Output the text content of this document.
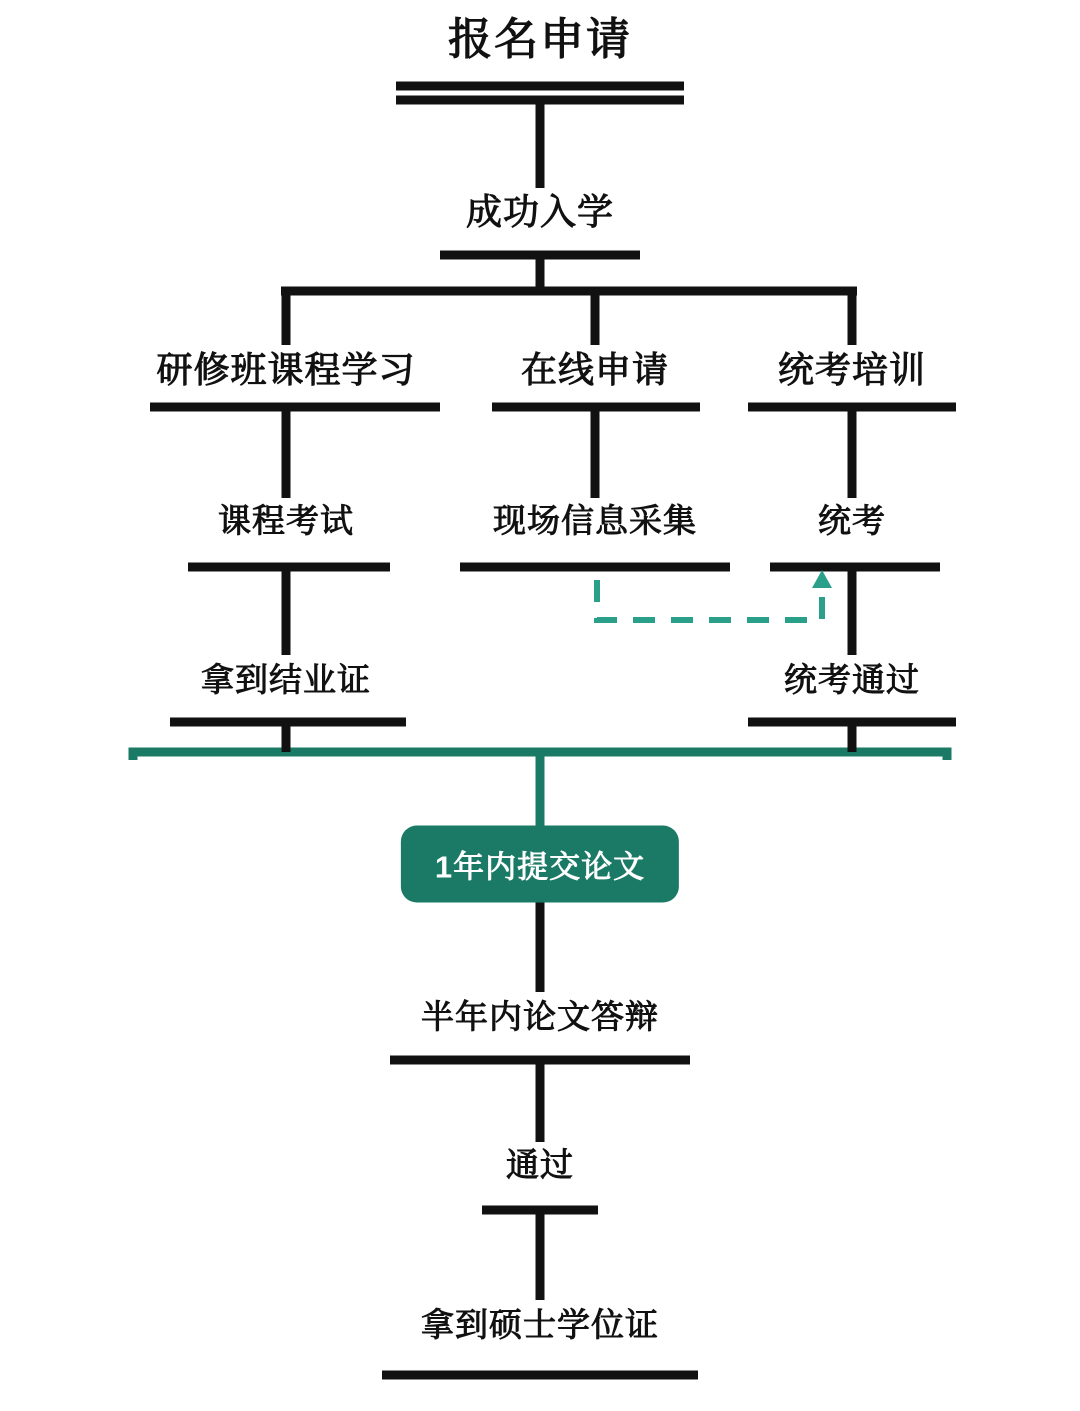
报名申请
成功入学
研修班课程学习	在线申请	统考培训
课程考试	现场信息采集	统考
拿到结业证	统考通过
1年内提交论文
半年内论文答辩
通过
拿到硕士学位证
